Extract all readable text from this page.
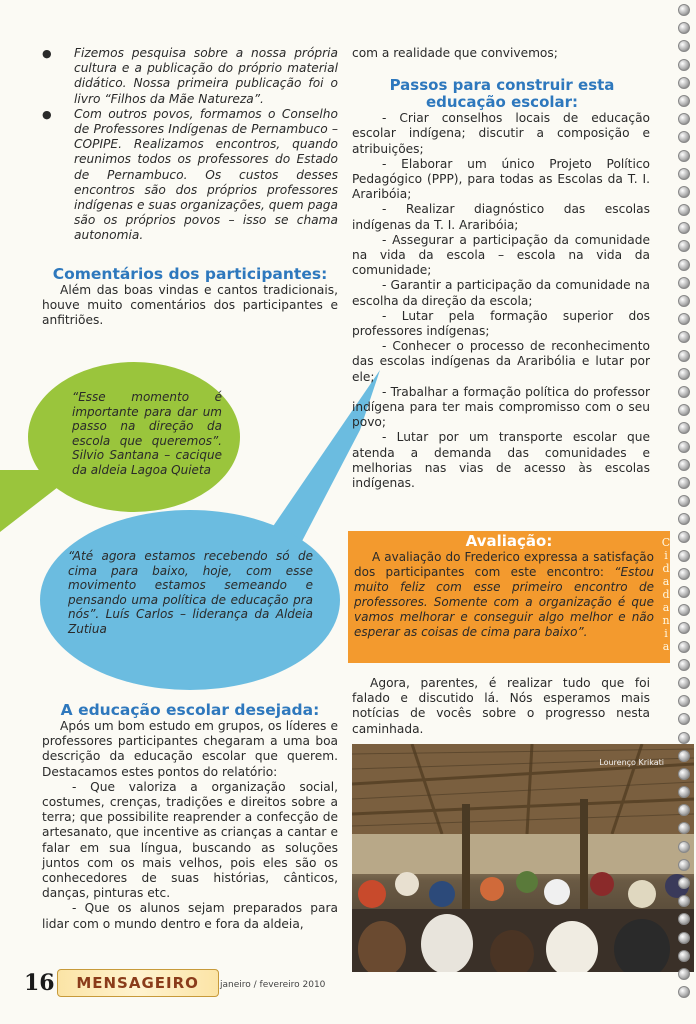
●	Fizemos pesquisa sobre a nossa própria cultura e a publicação do próprio material didático. Nossa primeira publicação foi o livro “Filhos da Mãe Natureza”.
●	Com outros povos, formamos o Conselho de Professores Indígenas de Pernambuco – COPIPE. Realizamos encontros, quando reunimos todos os professores do Estado de Pernambuco. Os custos desses encontros são dos próprios professores indígenas e suas organizações, quem paga são os próprios povos – isso se chama autonomia.
Comentários dos participantes:

Além das boas vindas e cantos tradicionais, houve muito comentários dos participantes e anfitriões.

“Esse momento é importante para dar um passo na direção da escola que queremos”. Silvio Santana – cacique da aldeia Lagoa Quieta
“Até agora estamos recebendo só de cima para baixo, hoje, com esse movimento estamos semeando e pensando uma política de educação pra nós”. Luís Carlos – liderança da Aldeia Zutiua
A educação escolar desejada:

Após um bom estudo em grupos, os líderes e professores participantes chegaram a uma boa descrição da educação escolar que querem. Destacamos estes pontos do relatório:

- Que valoriza a organização social, costumes, crenças, tradições e direitos sobre a terra; que possibilite reaprender a confecção de artesanato, que incentive as crianças a cantar e falar em sua língua, buscando as soluções juntos com os mais velhos, pois eles são os conhecedores de suas histórias, cânticos, danças, pinturas etc.

- Que os alunos sejam preparados para lidar com o mundo dentro e fora da aldeia,

com a realidade que convivemos;

Passos para construir esta educação escolar:

- Criar conselhos locais de educação escolar indígena; discutir a composição e atribuições;

- Elaborar um único Projeto Político Pedagógico (PPP), para todas as Escolas da T. I. Araribóia;

- Realizar diagnóstico das escolas indígenas da T. I. Araribóia;

- Assegurar a participação da comunidade na vida da escola – escola na vida da comunidade;

- Garantir a participação da comunidade na escolha da direção da escola;

- Lutar pela formação superior dos professores indígenas;

- Conhecer o processo de reconhecimento das escolas indígenas da Araribólia e lutar por ele;

- Trabalhar a formação política do professor indígena para ter mais compromisso com o seu povo;

- Lutar por um transporte escolar que atenda a demanda das comunidades e melhorias nas vias de acesso às escolas indígenas.

Avaliação:

A avaliação do Frederico expressa a satisfação dos participantes com este encontro: “Estou muito feliz com esse primeiro encontro de professores. Somente com a organização é que vamos melhorar e conseguir algo melhor e não esperar as coisas de cima para baixo”.

C
i
d
a
d
a
n
i
a

Agora, parentes, é realizar tudo que foi falado e discutido lá. Nós esperamos mais notícias de vocês sobre o progresso nesta caminhada.

Lourenço Krikati
16	MENSAGEIRO	janeiro / fevereiro 2010
